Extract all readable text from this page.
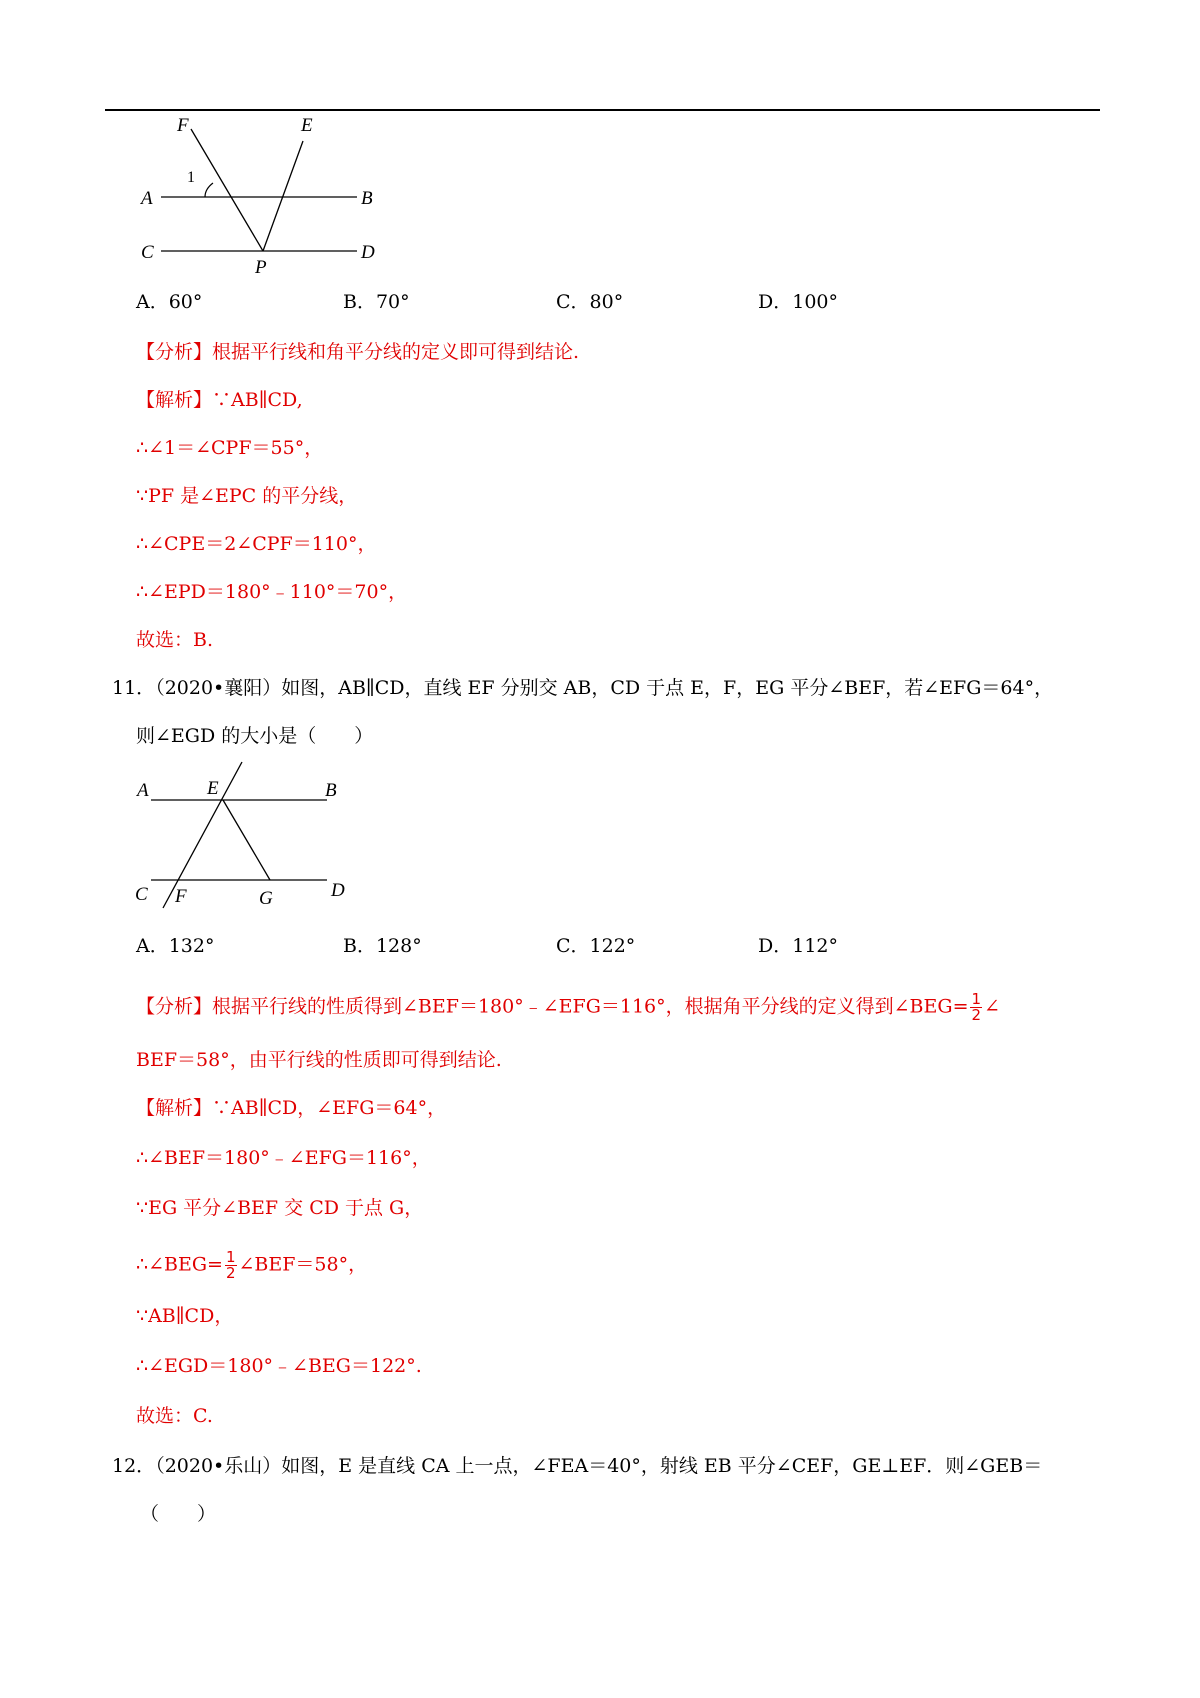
F	E
1
A	B
C
P
D
A．60°	B．70°	C．80°	D．100°
【分析】根据平行线和角平分线的定义即可得到结论.
【解析】∵AB∥CD,
∴∠1＝∠CPF＝55°，
∵PF 是∠EPC 的平分线，
∴∠CPE＝2∠CPF＝110°，
∴∠EPD＝180°﹣110°＝70°，
故选：B.
11．（2020•襄阳）如图，AB∥CD，直线 EF 分别交 AB，CD 于点 E，F，EG 平分∠BEF，若∠EFG＝64°，
则∠EGD 的大小是（　　）
A	E	B
C F	G	D
A．132°	B．128°	C．122°	D．112°
【分析】根据平行线的性质得到∠BEF＝180°﹣∠EFG＝116°，根据角平分线的定义得到∠BEG= $\frac{1}{2}$ ∠
BEF＝58°，由平行线的性质即可得到结论.
【解析】∵AB∥CD，∠EFG＝64°，
∴∠BEF＝180°﹣∠EFG＝116°，
∵EG 平分∠BEF 交 CD 于点 G，
∴∠BEG= $\frac{1}{2}$ ∠BEF＝58°，
∵AB∥CD，
∴∠EGD＝180°﹣∠BEG＝122°.
故选：C.
12．（2020•乐山）如图，E 是直线 CA 上一点，∠FEA＝40°，射线 EB 平分∠CEF，GE⊥EF．则∠GEB＝
（　　）
